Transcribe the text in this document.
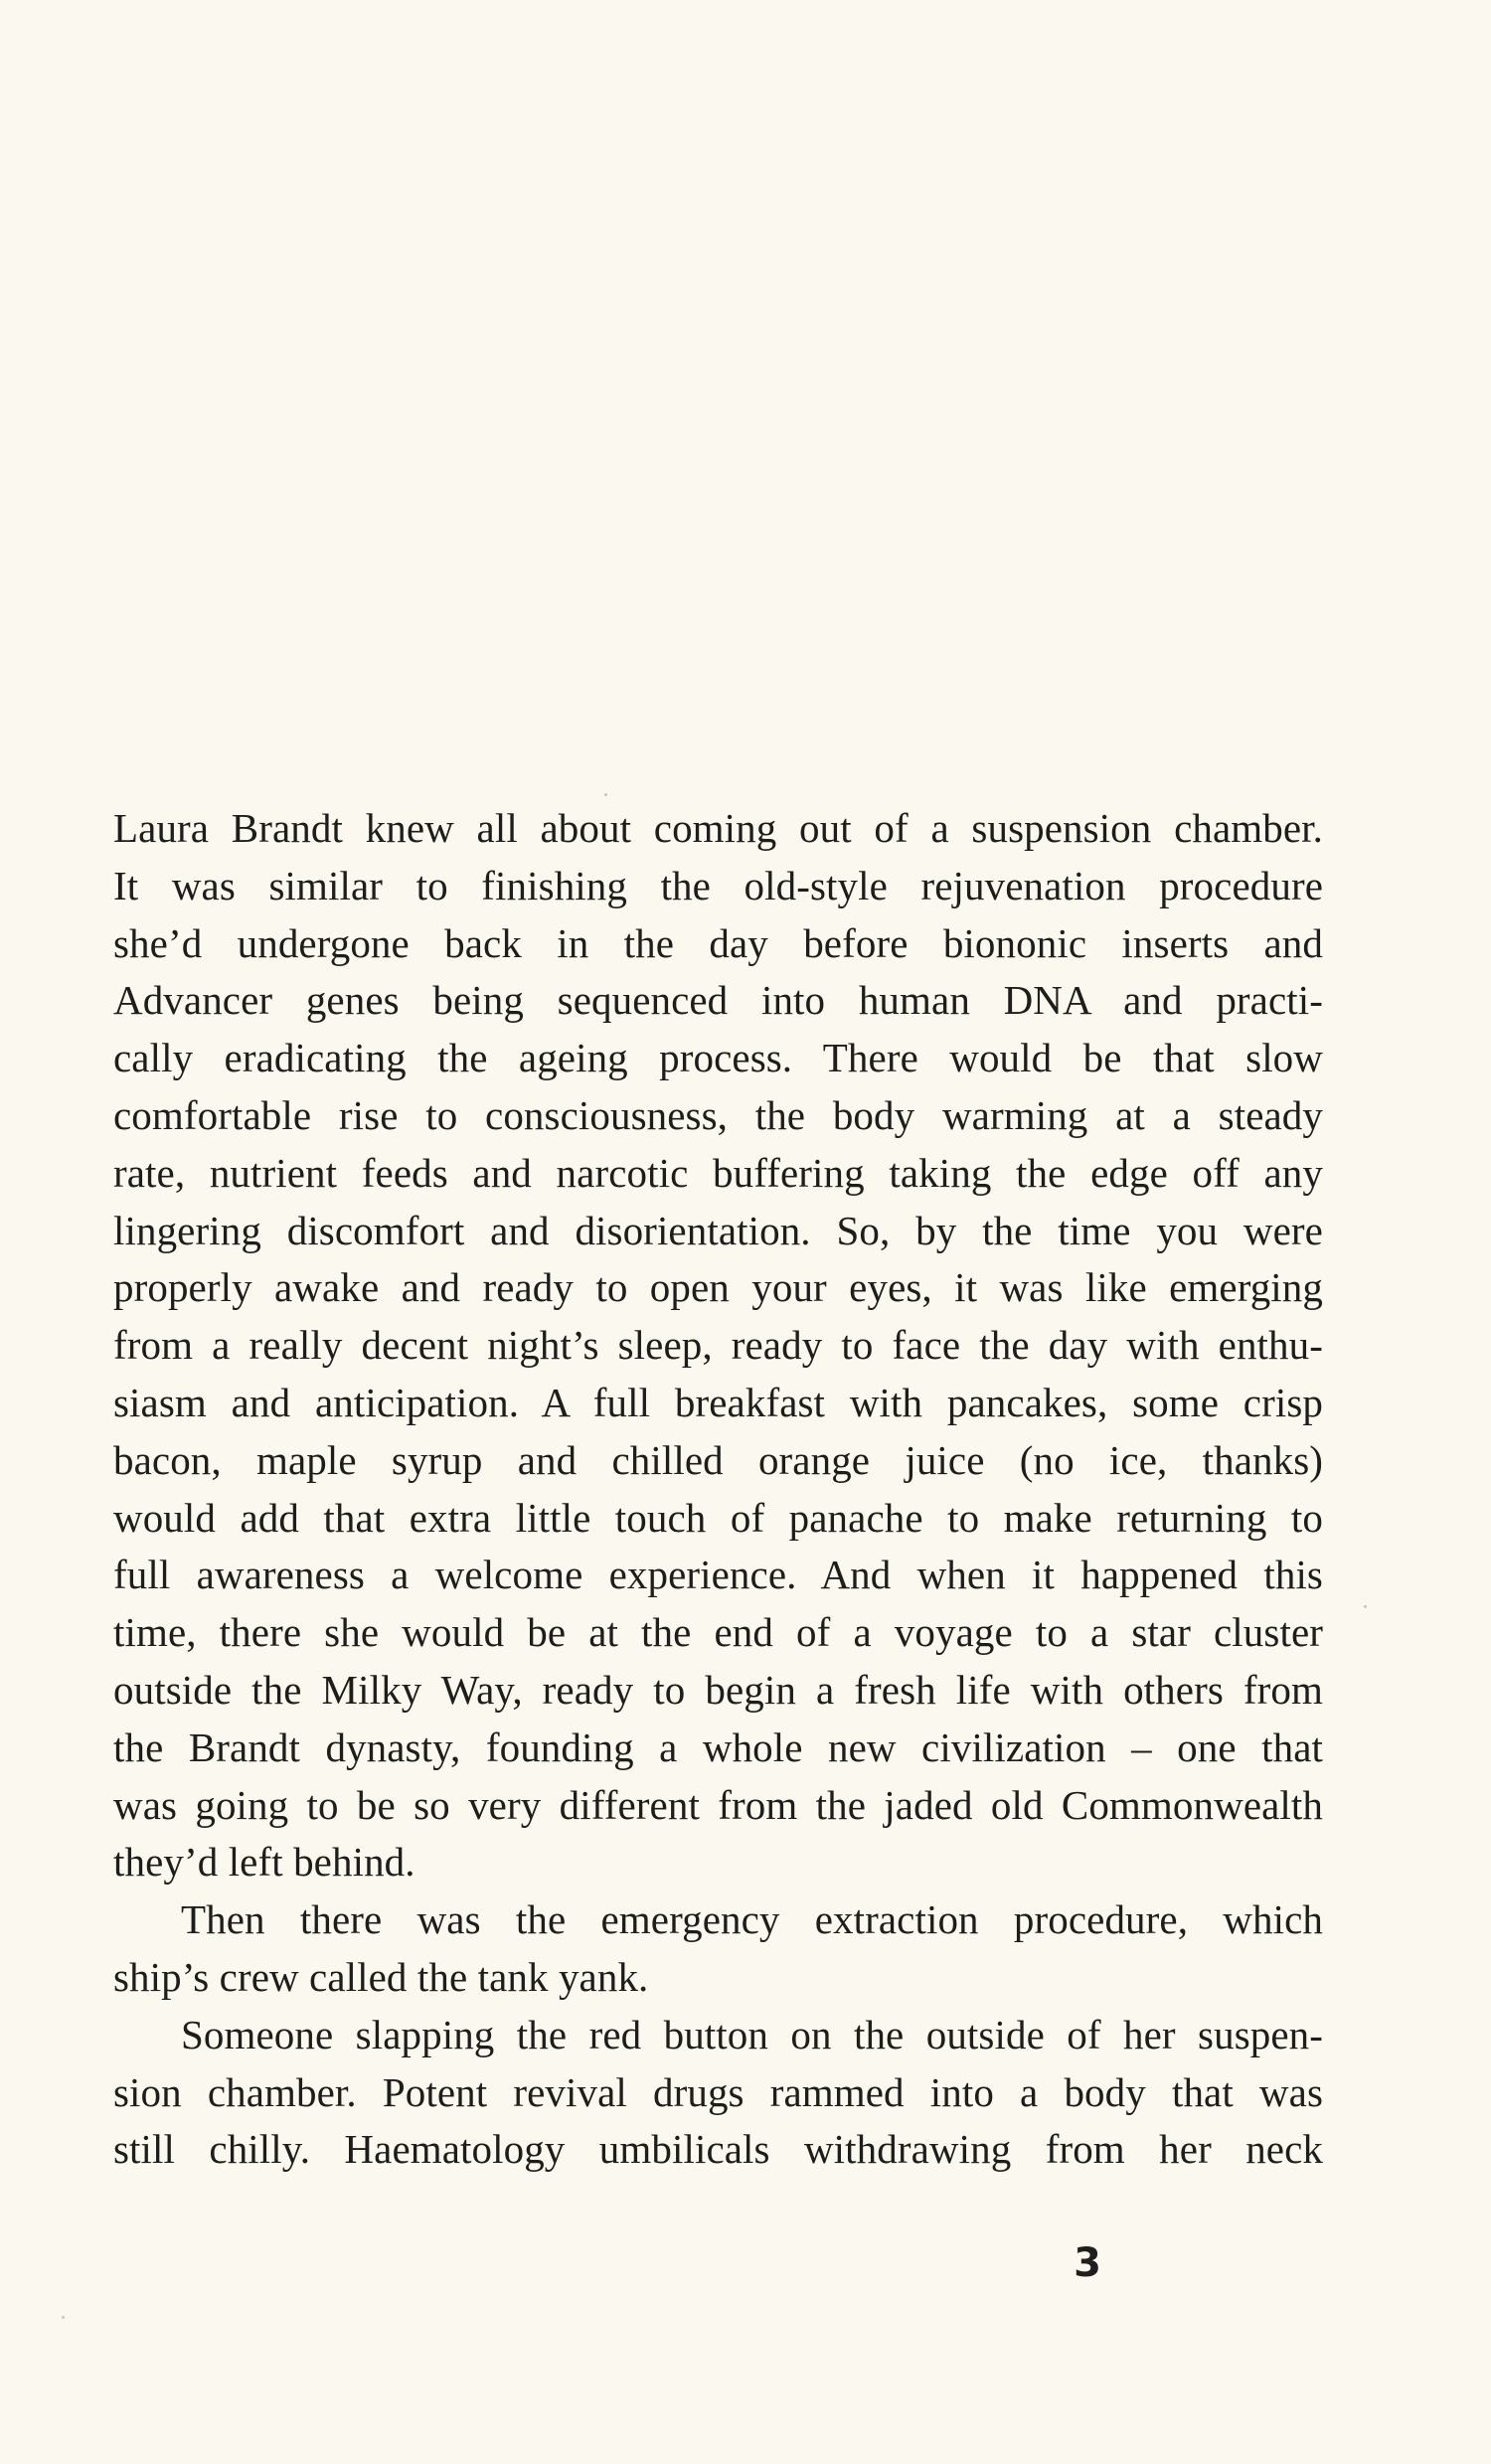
Laura Brandt knew all about coming out of a suspension chamber.
It was similar to finishing the old-style rejuvenation procedure
she’d undergone back in the day before biononic inserts and
Advancer genes being sequenced into human DNA and practi-
cally eradicating the ageing process. There would be that slow
comfortable rise to consciousness, the body warming at a steady
rate, nutrient feeds and narcotic buffering taking the edge off any
lingering discomfort and disorientation. So, by the time you were
properly awake and ready to open your eyes, it was like emerging
from a really decent night’s sleep, ready to face the day with enthu-
siasm and anticipation. A full breakfast with pancakes, some crisp
bacon, maple syrup and chilled orange juice (no ice, thanks)
would add that extra little touch of panache to make returning to
full awareness a welcome experience. And when it happened this
time, there she would be at the end of a voyage to a star cluster
outside the Milky Way, ready to begin a fresh life with others from
the Brandt dynasty, founding a whole new civilization – one that
was going to be so very different from the jaded old Commonwealth
they’d left behind.
Then there was the emergency extraction procedure, which
ship’s crew called the tank yank.
Someone slapping the red button on the outside of her suspen-
sion chamber. Potent revival drugs rammed into a body that was
still chilly. Haematology umbilicals withdrawing from her neck
3
